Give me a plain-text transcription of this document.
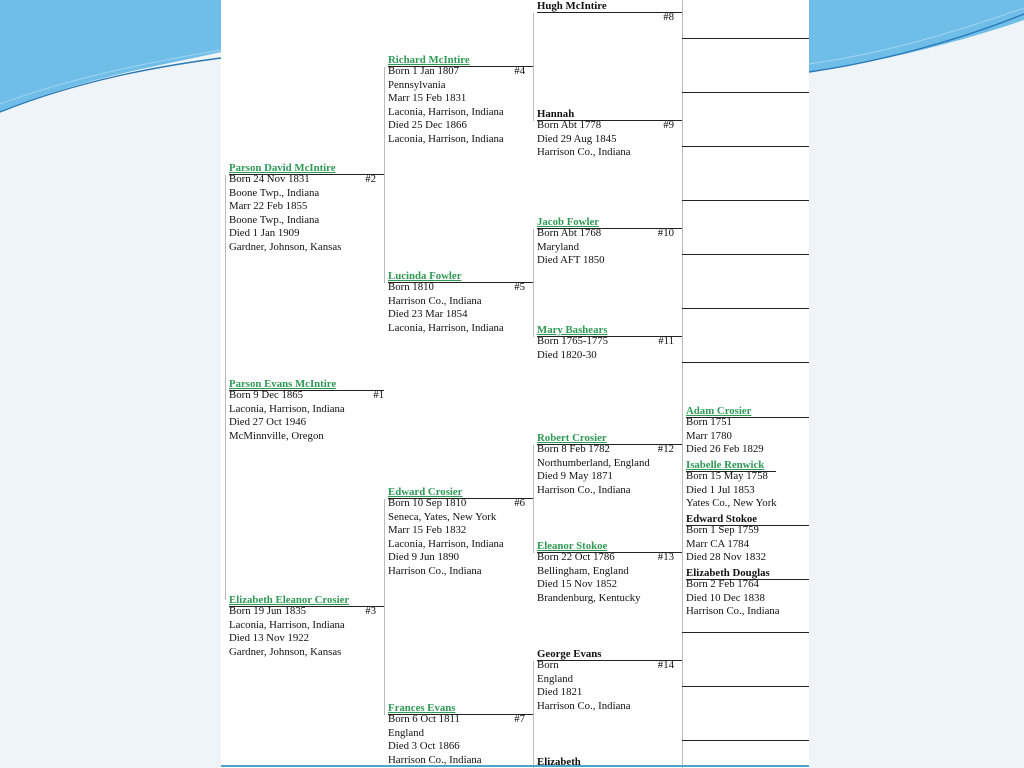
Hugh McIntire
#8
Richard McIntire
#4
Born 1 Jan 1807
Pennsylvania
Marr 15 Feb 1831
Laconia, Harrison, Indiana
Died 25 Dec 1866
Laconia, Harrison, Indiana
Hannah
#9
Born Abt 1778
Died 29 Aug 1845
Harrison Co., Indiana
Parson David McIntire
#2
Born 24 Nov 1831
Boone Twp., Indiana
Marr 22 Feb 1855
Boone Twp., Indiana
Died 1 Jan 1909
Gardner, Johnson, Kansas
Jacob Fowler
#10
Born Abt 1768
Maryland
Died AFT 1850
Lucinda Fowler
#5
Born 1810
Harrison Co., Indiana
Died 23 Mar 1854
Laconia, Harrison, Indiana	Mary Bashears
#11
Born 1765-1775
Died 1820-30
Parson Evans McIntire
#1
Born 9 Dec 1865
Laconia, Harrison, Indiana
Died 27 Oct 1946
McMinnville, Oregon
Adam Crosier
Born 1751
Marr 1780
Died 26 Feb 1829
Robert Crosier
#12
Born 8 Feb 1782
Northumberland, England
Died 9 May 1871
Harrison Co., Indiana
Isabelle Renwick
Born 15 May 1758
Died 1 Jul 1853
Yates Co., New York
Edward Crosier
#6
Born 10 Sep 1810
Seneca, Yates, New York
Marr 15 Feb 1832
Laconia, Harrison, Indiana
Died 9 Jun 1890
Harrison Co., Indiana
Edward Stokoe
Born 1 Sep 1759
Marr CA 1784
Died 28 Nov 1832
Eleanor Stokoe
#13
Born 22 Oct 1786
Bellingham, England
Died 15 Nov 1852
Brandenburg, Kentucky
Elizabeth Douglas
Born 2 Feb 1764
Died 10 Dec 1838
Harrison Co., Indiana
Elizabeth Eleanor Crosier
#3
Born 19 Jun 1835
Laconia, Harrison, Indiana
Died 13 Nov 1922
Gardner, Johnson, Kansas	George Evans
#14
Born
England
Died 1821
Harrison Co., Indiana
Frances Evans
#7
Born 6 Oct 1811
England
Died 3 Oct 1866
Harrison Co., Indiana	Elizabeth
